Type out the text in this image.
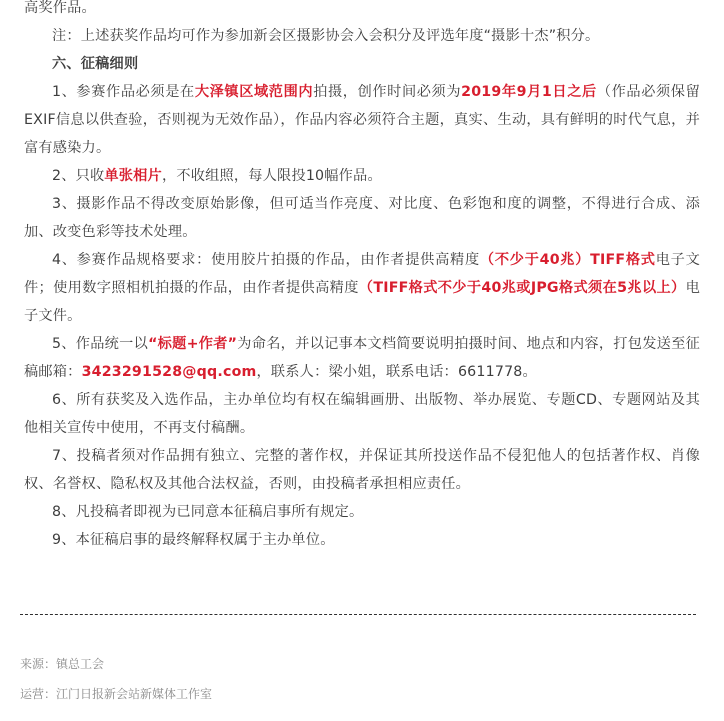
高奖作品。

注：上述获奖作品均可作为参加新会区摄影协会入会积分及评选年度“摄影十杰”积分。

六、征稿细则

1、参赛作品必须是在大泽镇区域范围内拍摄，创作时间必须为2019年9月1日之后（作品必须保留EXIF信息以供查验，否则视为无效作品），作品内容必须符合主题，真实、生动，具有鲜明的时代气息，并富有感染力。

2、只收单张相片，不收组照，每人限投10幅作品。

3、摄影作品不得改变原始影像，但可适当作亮度、对比度、色彩饱和度的调整，不得进行合成、添加、改变色彩等技术处理。

4、参赛作品规格要求：使用胶片拍摄的作品，由作者提供高精度（不少于40兆）TIFF格式电子文件；使用数字照相机拍摄的作品，由作者提供高精度（TIFF格式不少于40兆或JPG格式须在5兆以上）电子文件。

5、作品统一以“标题+作者”为命名，并以记事本文档简要说明拍摄时间、地点和内容，打包发送至征稿邮箱：3423291528@qq.com，联系人：梁小姐，联系电话：6611778。

6、所有获奖及入选作品，主办单位均有权在编辑画册、出版物、举办展览、专题CD、专题网站及其他相关宣传中使用，不再支付稿酬。

7、投稿者须对作品拥有独立、完整的著作权，并保证其所投送作品不侵犯他人的包括著作权、肖像权、名誉权、隐私权及其他合法权益，否则，由投稿者承担相应责任。

8、凡投稿者即视为已同意本征稿启事所有规定。

9、本征稿启事的最终解释权属于主办单位。

来源：镇总工会
运营：江门日报新会站新媒体工作室
